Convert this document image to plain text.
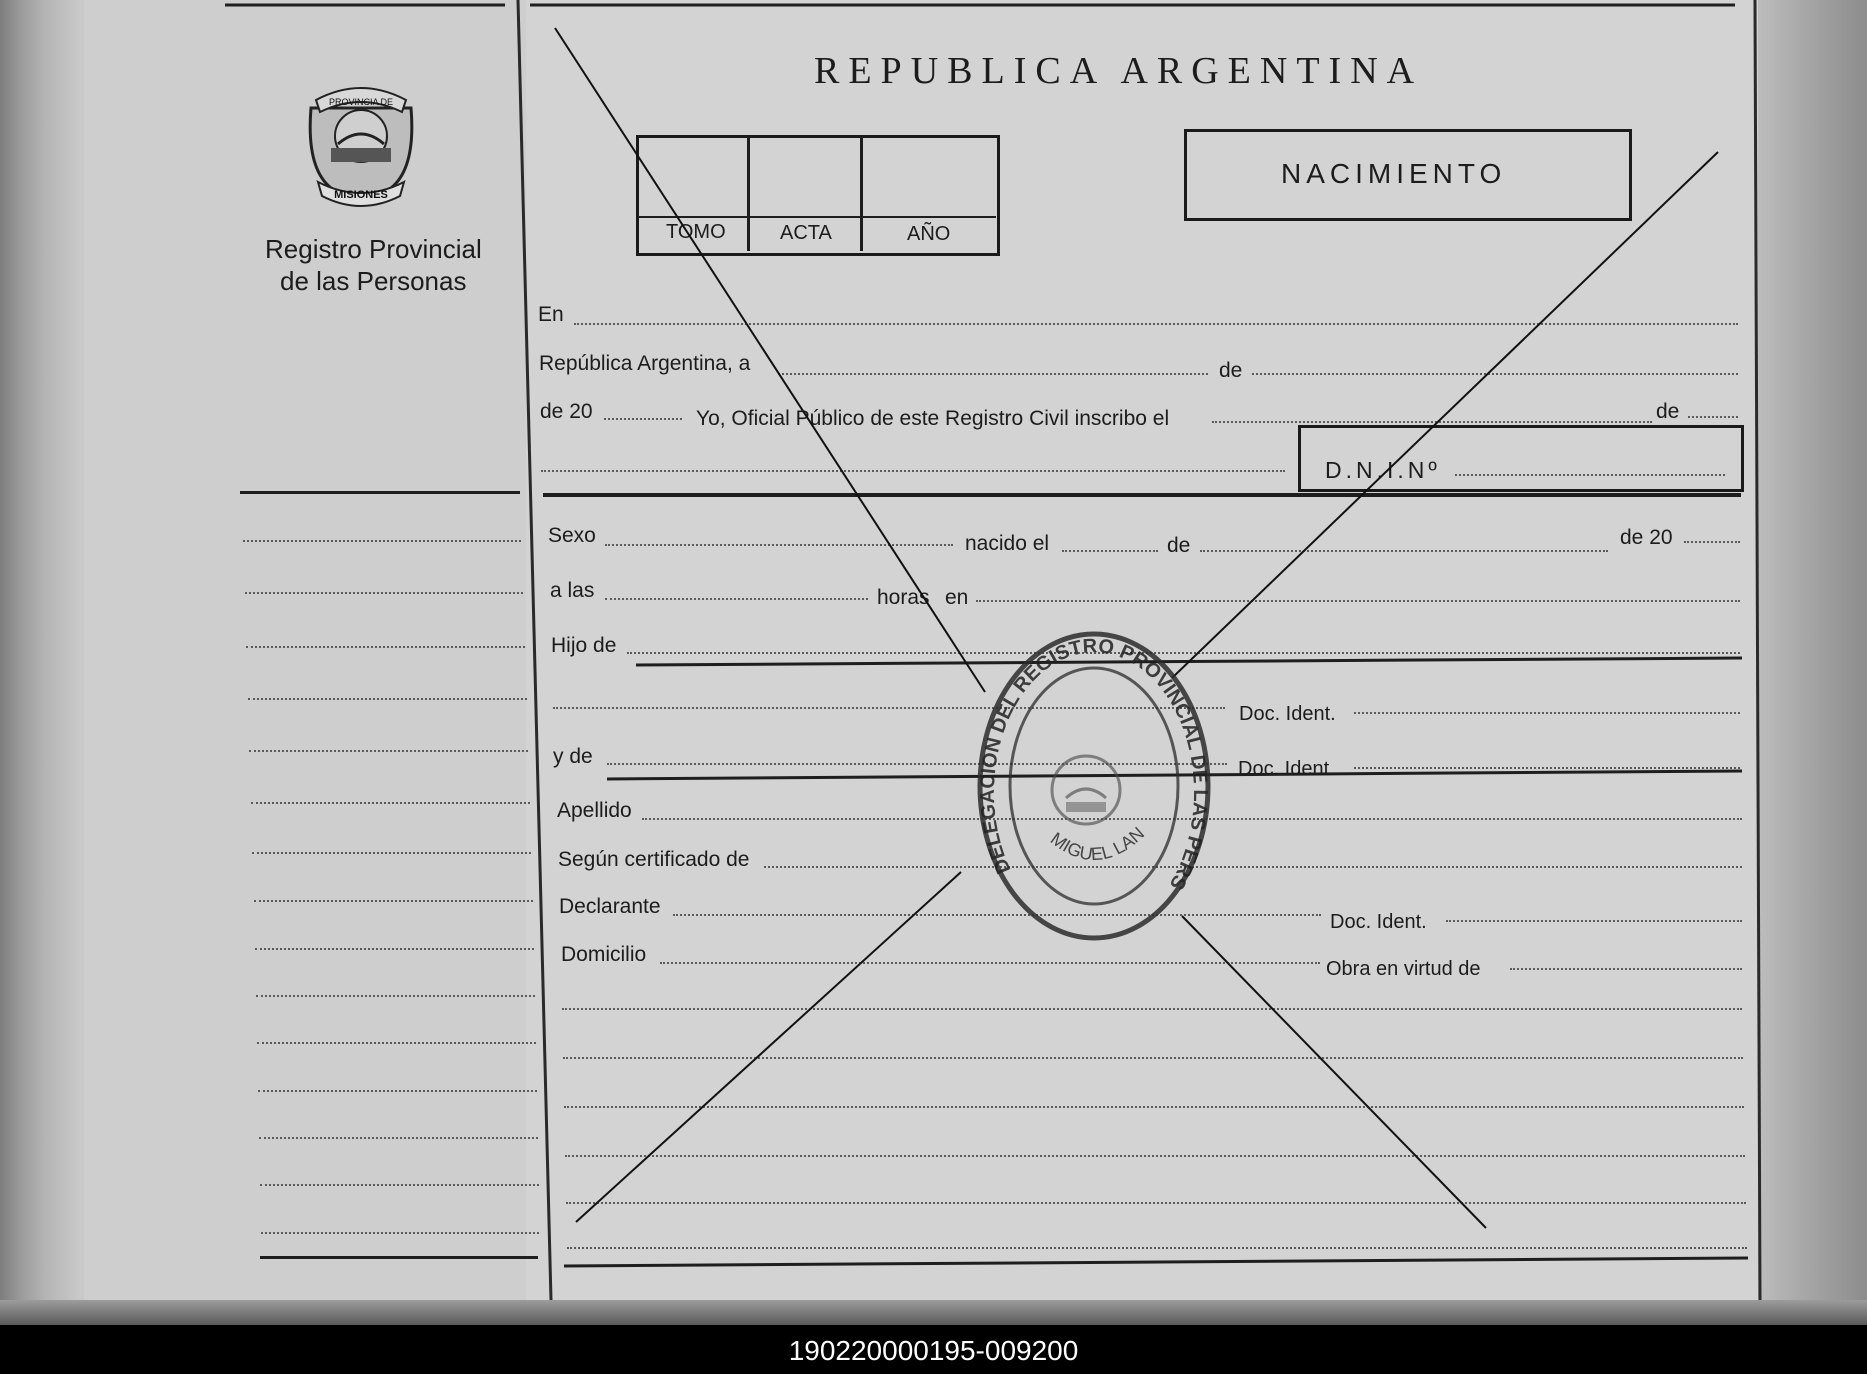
PROVINCIA DE
MISIONES
Registro Provincial
de las Personas
REPUBLICA ARGENTINA
TOMO	ACTA	AÑO
NACIMIENTO
En
República Argentina, a	de
de 20	Yo, Oficial Público de este Registro Civil inscribo el	de
D.N.I.Nº
Sexo	nacido el	de	de 20
a las	horas en
Hijo de
Doc. Ident.
y de
Doc. Ident.
Apellido
Según certificado de
Declarante
Doc. Ident.
Domicilio
Obra en virtud de
DELEGACION DEL REGISTRO PROVINCIAL DE LAS PERS
MIGUEL LAN
190220000195-009200
